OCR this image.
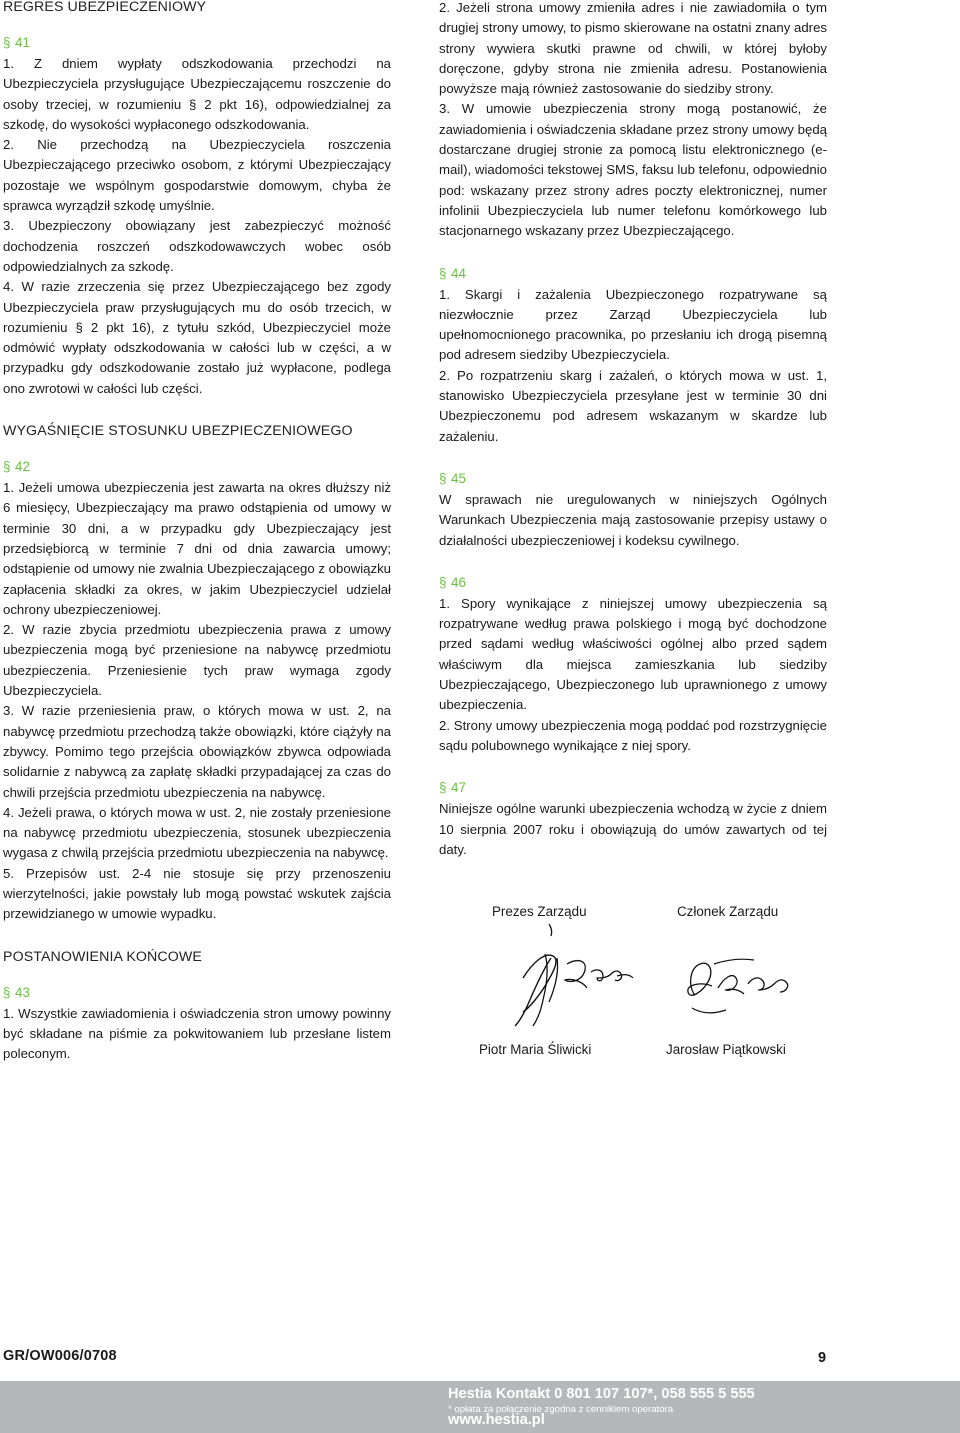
REGRES UBEZPIECZENIOWY
§ 41
1. Z dniem wypłaty odszkodowania przechodzi na Ubezpieczyciela przysługujące Ubezpieczającemu roszczenie do osoby trzeciej, w rozumieniu § 2 pkt 16), odpowiedzialnej za szkodę, do wysokości wypłaconego odszkodowania.
2. Nie przechodzą na Ubezpieczyciela roszczenia Ubezpieczającego przeciwko osobom, z którymi Ubezpieczający pozostaje we wspólnym gospodarstwie domowym, chyba że sprawca wyrządził szkodę umyślnie.
3. Ubezpieczony obowiązany jest zabezpieczyć możność dochodzenia roszczeń odszkodowawczych wobec osób odpowiedzialnych za szkodę.
4. W razie zrzeczenia się przez Ubezpieczającego bez zgody Ubezpieczyciela praw przysługujących mu do osób trzecich, w rozumieniu § 2 pkt 16), z tytułu szkód, Ubezpieczyciel może odmówić wypłaty odszkodowania w całości lub w części, a w przypadku gdy odszkodowanie zostało już wypłacone, podlega ono zwrotowi w całości lub części.
WYGAŚNIĘCIE STOSUNKU UBEZPIECZENIOWEGO
§ 42
1. Jeżeli umowa ubezpieczenia jest zawarta na okres dłuższy niż 6 miesięcy, Ubezpieczający ma prawo odstąpienia od umowy w terminie 30 dni, a w przypadku gdy Ubezpieczający jest przedsiębiorcą w terminie 7 dni od dnia zawarcia umowy; odstąpienie od umowy nie zwalnia Ubezpieczającego z obowiązku zapłacenia składki za okres, w jakim Ubezpieczyciel udzielał ochrony ubezpieczeniowej.
2. W razie zbycia przedmiotu ubezpieczenia prawa z umowy ubezpieczenia mogą być przeniesione na nabywcę przedmiotu ubezpieczenia. Przeniesienie tych praw wymaga zgody Ubezpieczyciela.
3. W razie przeniesienia praw, o których mowa w ust. 2, na nabywcę przedmiotu przechodzą także obowiązki, które ciążyły na zbywcy. Pomimo tego przejścia obowiązków zbywca odpowiada solidarnie z nabywcą za zapłatę składki przypadającej za czas do chwili przejścia przedmiotu ubezpieczenia na nabywcę.
4. Jeżeli prawa, o których mowa w ust. 2, nie zostały przeniesione na nabywcę przedmiotu ubezpieczenia, stosunek ubezpieczenia wygasa z chwilą przejścia przedmiotu ubezpieczenia na nabywcę.
5. Przepisów ust. 2-4 nie stosuje się przy przenoszeniu wierzytelności, jakie powstały lub mogą powstać wskutek zajścia przewidzianego w umowie wypadku.
POSTANOWIENIA KOŃCOWE
§ 43
1. Wszystkie zawiadomienia i oświadczenia stron umowy powinny być składane na piśmie za pokwitowaniem lub przesłane listem poleconym.
2. Jeżeli strona umowy zmieniła adres i nie zawiadomiła o tym drugiej strony umowy, to pismo skierowane na ostatni znany adres strony wywiera skutki prawne od chwili, w której byłoby doręczone, gdyby strona nie zmieniła adresu. Postanowienia powyższe mają również zastosowanie do siedziby strony.
3. W umowie ubezpieczenia strony mogą postanowić, że zawiadomienia i oświadczenia składane przez strony umowy będą dostarczane drugiej stronie za pomocą listu elektronicznego (e-mail), wiadomości tekstowej SMS, faksu lub telefonu, odpowiednio pod: wskazany przez strony adres poczty elektronicznej, numer infolinii Ubezpieczyciela lub numer telefonu komórkowego lub stacjonarnego wskazany przez Ubezpieczającego.
§ 44
1. Skargi i zażalenia Ubezpieczonego rozpatrywane są niezwłocznie przez Zarząd Ubezpieczyciela lub upełnomocnionego pracownika, po przesłaniu ich drogą pisemną pod adresem siedziby Ubezpieczyciela.
2. Po rozpatrzeniu skarg i zażaleń, o których mowa w ust. 1, stanowisko Ubezpieczyciela przesyłane jest w terminie 30 dni Ubezpieczonemu pod adresem wskazanym w skardze lub zażaleniu.
§ 45
W sprawach nie uregulowanych w niniejszych Ogólnych Warunkach Ubezpieczenia mają zastosowanie przepisy ustawy o działalności ubezpieczeniowej i kodeksu cywilnego.
§ 46
1. Spory wynikające z niniejszej umowy ubezpieczenia są rozpatrywane według prawa polskiego i mogą być dochodzone przed sądami według właściwości ogólnej albo przed sądem właściwym dla miejsca zamieszkania lub siedziby Ubezpieczającego, Ubezpieczonego lub uprawnionego z umowy ubezpieczenia.
2. Strony umowy ubezpieczenia mogą poddać pod rozstrzygnięcie sądu polubownego wynikające z niej spory.
§ 47
Niniejsze ogólne warunki ubezpieczenia wchodzą w życie z dniem 10 sierpnia 2007 roku i obowiązują do umów zawartych od tej daty.
Prezes Zarządu	Członek Zarządu
Piotr Maria Śliwicki	Jarosław Piątkowski
GR/OW006/0708	9
Hestia Kontakt 0 801 107 107*, 058 555 5 555
* opłata za połączenie zgodna z cennikiem operatora
www.hestia.pl
